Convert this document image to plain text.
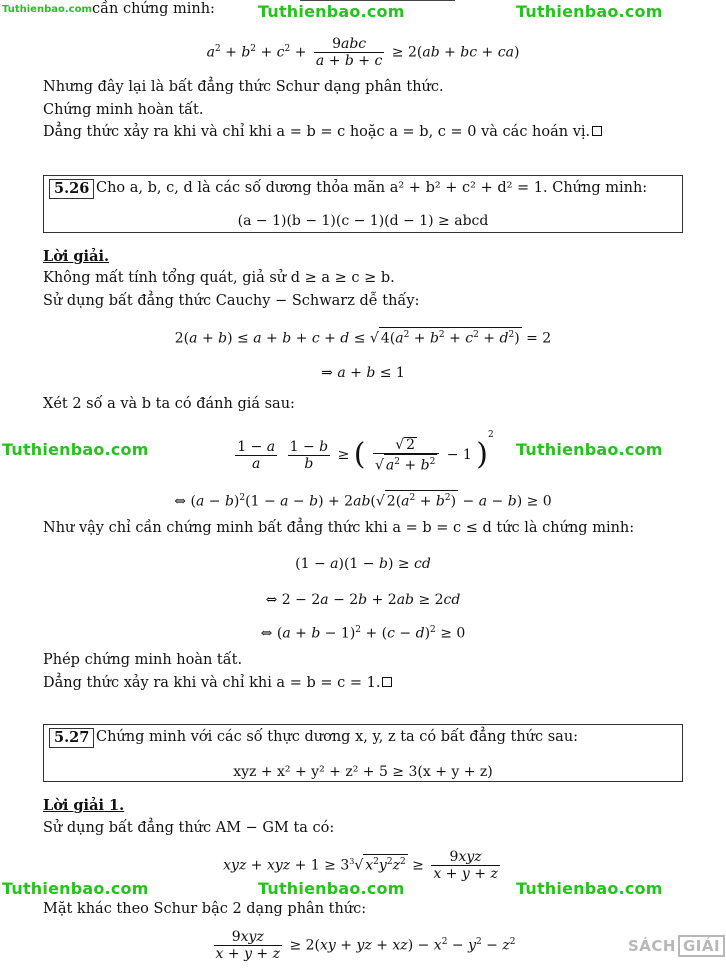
Tuthienbao.com	Tuthienbao.com	Tuthienbao.com
Tuthienbao.com	Tuthienbao.com
Tuthienbao.com	Tuthienbao.com	Tuthienbao.com
cần chứng minh:
$a^2 + b^2 + c^2 + \frac{\text{9abc}}{a + b + c} \ge 2(ab$ + bc + ca)
Nhưng đây lại là bất đẳng thức Schur dạng phân thức.
Chứng minh hoàn tất.
Dẳng thức xảy ra khi và chỉ khi a = b = c hoặc a = b, c = 0 và các hoán vị.
5.26 Cho a, b, c, d là các số dương thỏa mãn a² + b² + c² + d² = 1. Chứng minh:
(a − 1)(b − 1)(c − 1)(d − 1) ≥ abcd
Lời giải.
Không mất tính tổng quát, giả sử d ≥ a ≥ c ≥ b.
Sử dụng bất đẳng thức Cauchy − Schwarz dễ thấy:
2(a + b) ≤ a + b + c + d ≤ √ $4(a^2 + b^2 + c^2 + d^2) = 2$
⇒ a + b ≤ 1
Xét 2 số a và b ta có đánh giá sau:
$\frac{1 - a}{a}$
$\frac{1 - b}{b}$ ≥ ( $\frac{√ 2}{√ a^2 + b^2} - 1$ )$^2$
⇔ $(a - b)^2(1 - a - b) + 2ab(√$ $2(a^2 + b^2) - a - b) \ge 0$
Như vậy chỉ cần chứng minh bất đẳng thức khi a = b = c ≤ d tức là chứng minh:
(1 − a)(1 − b) ≥ cd
⇔ 2 − 2a − 2b + 2ab ≥ 2cd
⇔ $(a + b - 1)^2 + (c - d)^2 \ge 0$
Phép chứng minh hoàn tất.
Dẳng thức xảy ra khi và chỉ khi a = b = c = 1.
5.27 Chứng minh với các số thực dương x, y, z ta có bất đẳng thức sau:
xyz + x² + y² + z² + 5 ≥ 3(x + y + z)
Lời giải 1.
Sử dụng bất đẳng thức AM − GM ta có:
xyz + xyz + $1 \ge 3^3√$ $x^2y^2z^2 \ge \frac{\text{9xyz}}{x + y + z}$
Mặt khác theo Schur bậc 2 dạng phân thức:
$\frac{\text{9xyz}}{x + y + z} \ge 2(xy$ + yz + $xz) - x^2 - y^2 - z^2$	SÁCH GIẢI
